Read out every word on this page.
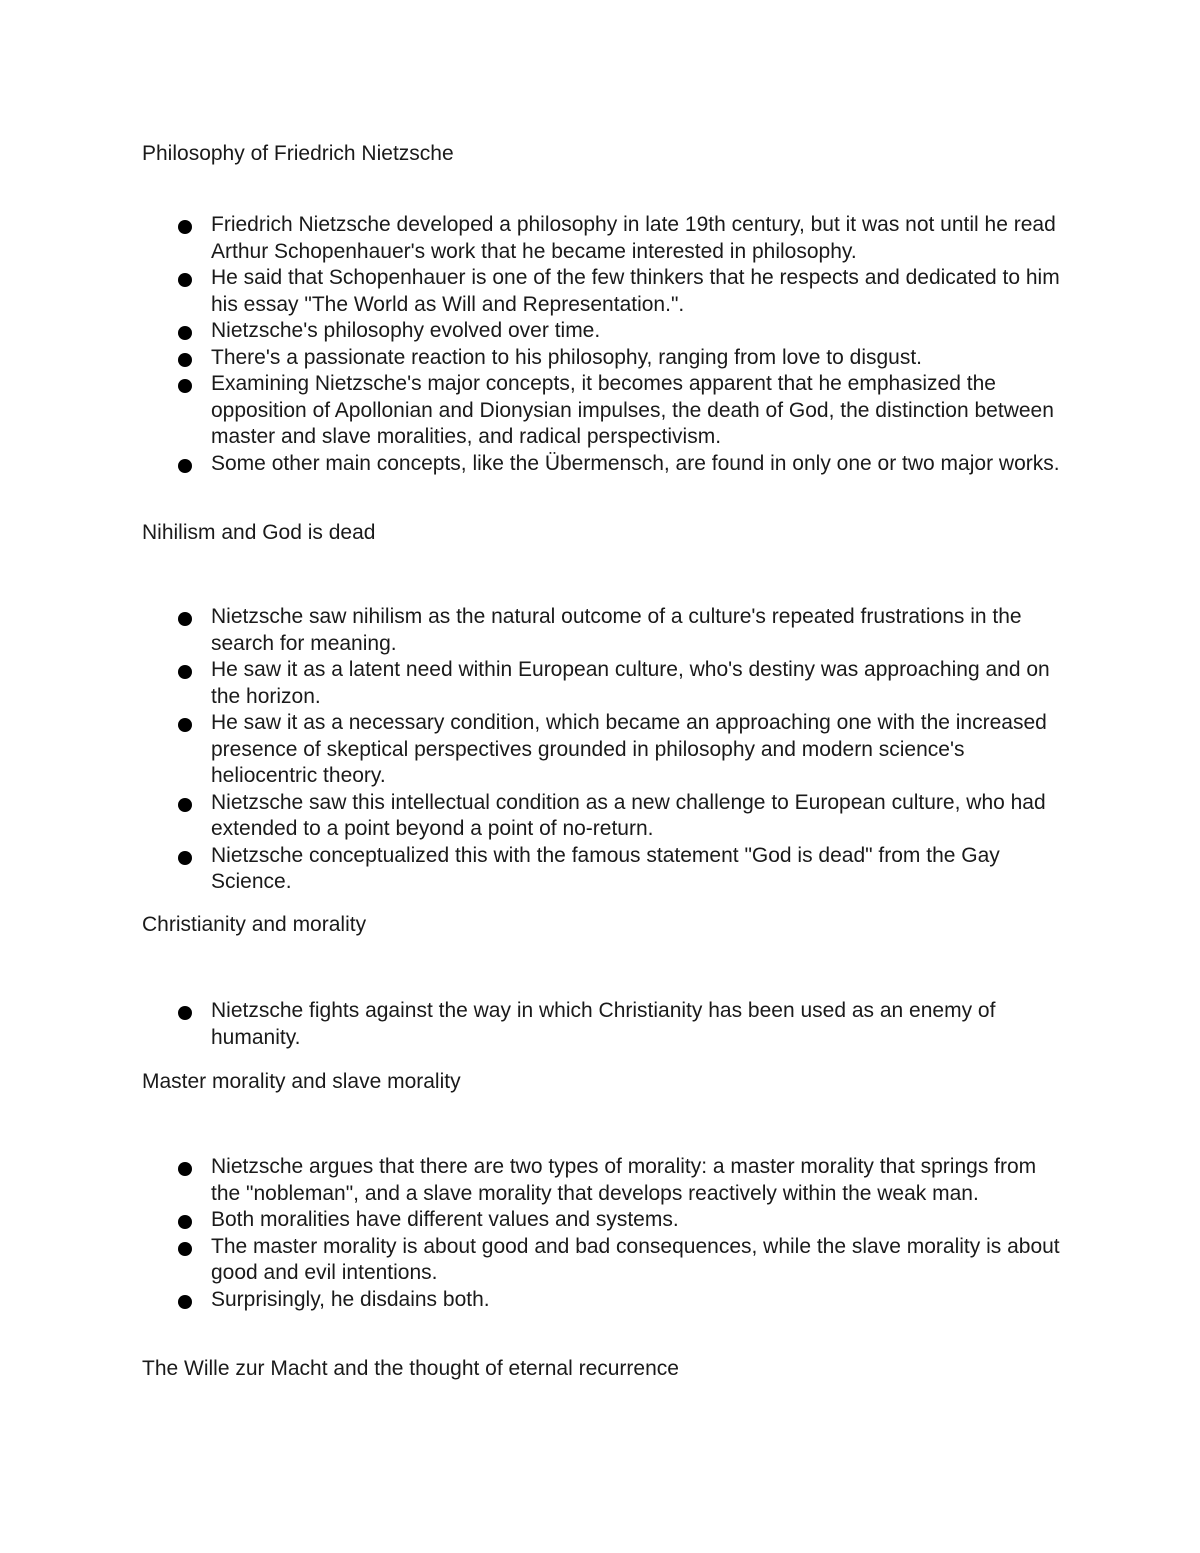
Philosophy of Friedrich Nietzsche
Friedrich Nietzsche developed a philosophy in late 19th century, but it was not until he read Arthur Schopenhauer's work that he became interested in philosophy.
He said that Schopenhauer is one of the few thinkers that he respects and dedicated to him his essay "The World as Will and Representation.".
Nietzsche's philosophy evolved over time.
There's a passionate reaction to his philosophy, ranging from love to disgust.
Examining Nietzsche's major concepts, it becomes apparent that he emphasized the opposition of Apollonian and Dionysian impulses, the death of God, the distinction between master and slave moralities, and radical perspectivism.
Some other main concepts, like the Übermensch, are found in only one or two major works.
Nihilism and God is dead
Nietzsche saw nihilism as the natural outcome of a culture's repeated frustrations in the search for meaning.
He saw it as a latent need within European culture, who's destiny was approaching and on the horizon.
He saw it as a necessary condition, which became an approaching one with the increased presence of skeptical perspectives grounded in philosophy and modern science's heliocentric theory.
Nietzsche saw this intellectual condition as a new challenge to European culture, who had extended to a point beyond a point of no-return.
Nietzsche conceptualized this with the famous statement "God is dead" from the Gay Science.
Christianity and morality
Nietzsche fights against the way in which Christianity has been used as an enemy of humanity.
Master morality and slave morality
Nietzsche argues that there are two types of morality: a master morality that springs from the "nobleman", and a slave morality that develops reactively within the weak man.
Both moralities have different values and systems.
The master morality is about good and bad consequences, while the slave morality is about good and evil intentions.
Surprisingly, he disdains both.
The Wille zur Macht and the thought of eternal recurrence
